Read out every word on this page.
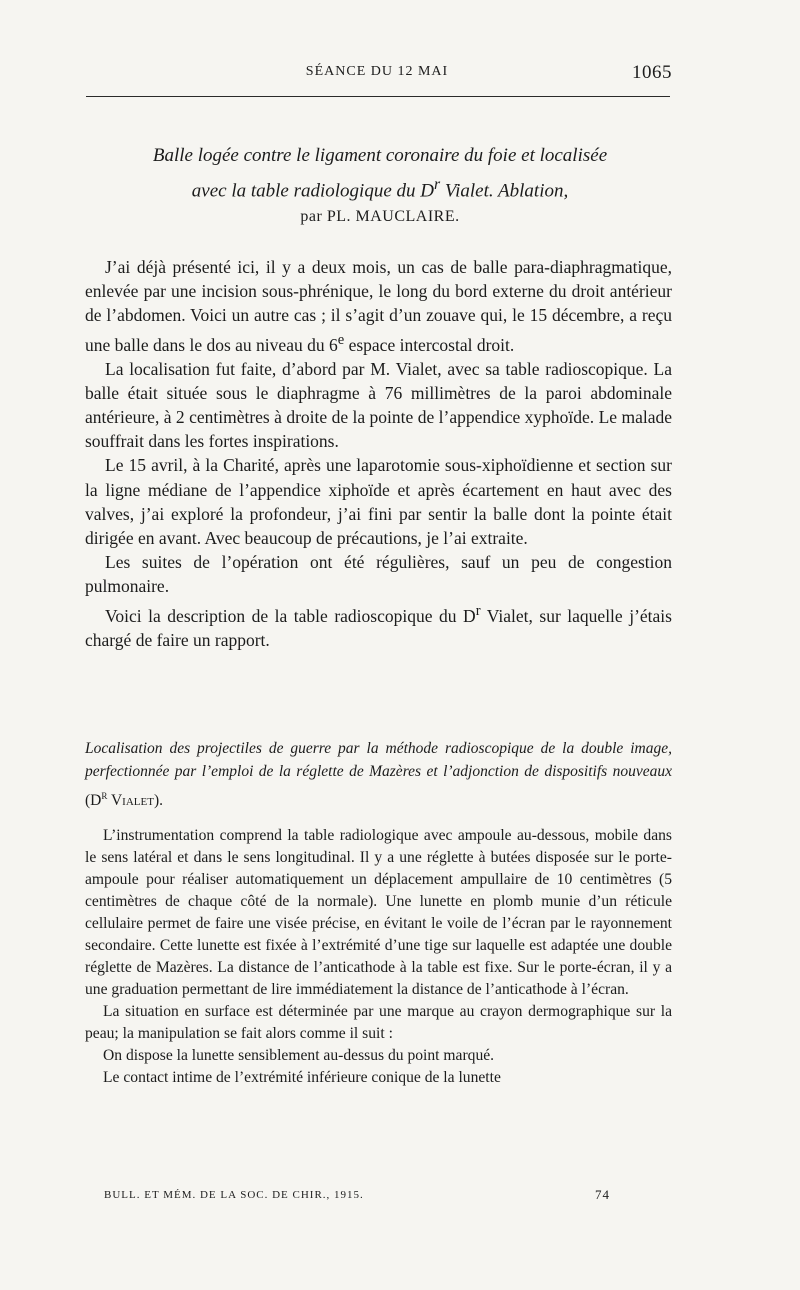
SÉANCE DU 12 MAI	1065
Balle logée contre le ligament coronaire du foie et localisée
avec la table radiologique du $D^r$ Vialet. Ablation,
par PL. MAUCLAIRE.

J’ai déjà présenté ici, il y a deux mois, un cas de balle para-diaphragmatique, enlevée par une incision sous-phrénique, le long du bord externe du droit antérieur de l’abdomen. Voici un autre cas ; il s’agit d’un zouave qui, le 15 décembre, a reçu une balle dans le dos au niveau du 6e espace intercostal droit.

La localisation fut faite, d’abord par M. Vialet, avec sa table radioscopique. La balle était située sous le diaphragme à 76 millimètres de la paroi abdominale antérieure, à 2 centimètres à droite de la pointe de l’appendice xyphoïde. Le malade souffrait dans les fortes inspirations.

Le 15 avril, à la Charité, après une laparotomie sous-xiphoïdienne et section sur la ligne médiane de l’appendice xiphoïde et après écartement en haut avec des valves, j’ai exploré la profondeur, j’ai fini par sentir la balle dont la pointe était dirigée en avant. Avec beaucoup de précautions, je l’ai extraite.

Les suites de l’opération ont été régulières, sauf un peu de congestion pulmonaire.

Voici la description de la table radioscopique du $D^r$ Vialet, sur laquelle j’étais chargé de faire un rapport.

Localisation des projectiles de guerre par la méthode radioscopique de la double image, perfectionnée par l’emploi de la réglette de Mazères et l’adjonction de dispositifs nouveaux ($D^r$ Vialet).

L’instrumentation comprend la table radiologique avec ampoule au-dessous, mobile dans le sens latéral et dans le sens longitudinal. Il y a une réglette à butées disposée sur le porte-ampoule pour réaliser automatiquement un déplacement ampullaire de 10 centimètres (5 centimètres de chaque côté de la normale). Une lunette en plomb munie d’un réticule cellulaire permet de faire une visée précise, en évitant le voile de l’écran par le rayonnement secondaire. Cette lunette est fixée à l’extrémité d’une tige sur laquelle est adaptée une double réglette de Mazères. La distance de l’anticathode à la table est fixe. Sur le porte-écran, il y a une graduation permettant de lire immédiatement la distance de l’anticathode à l’écran.

La situation en surface est déterminée par une marque au crayon dermographique sur la peau; la manipulation se fait alors comme il suit :

On dispose la lunette sensiblement au-dessus du point marqué.

Le contact intime de l’extrémité inférieure conique de la lunette

BULL. ET MÉM. DE LA SOC. DE CHIR., 1915.	74
